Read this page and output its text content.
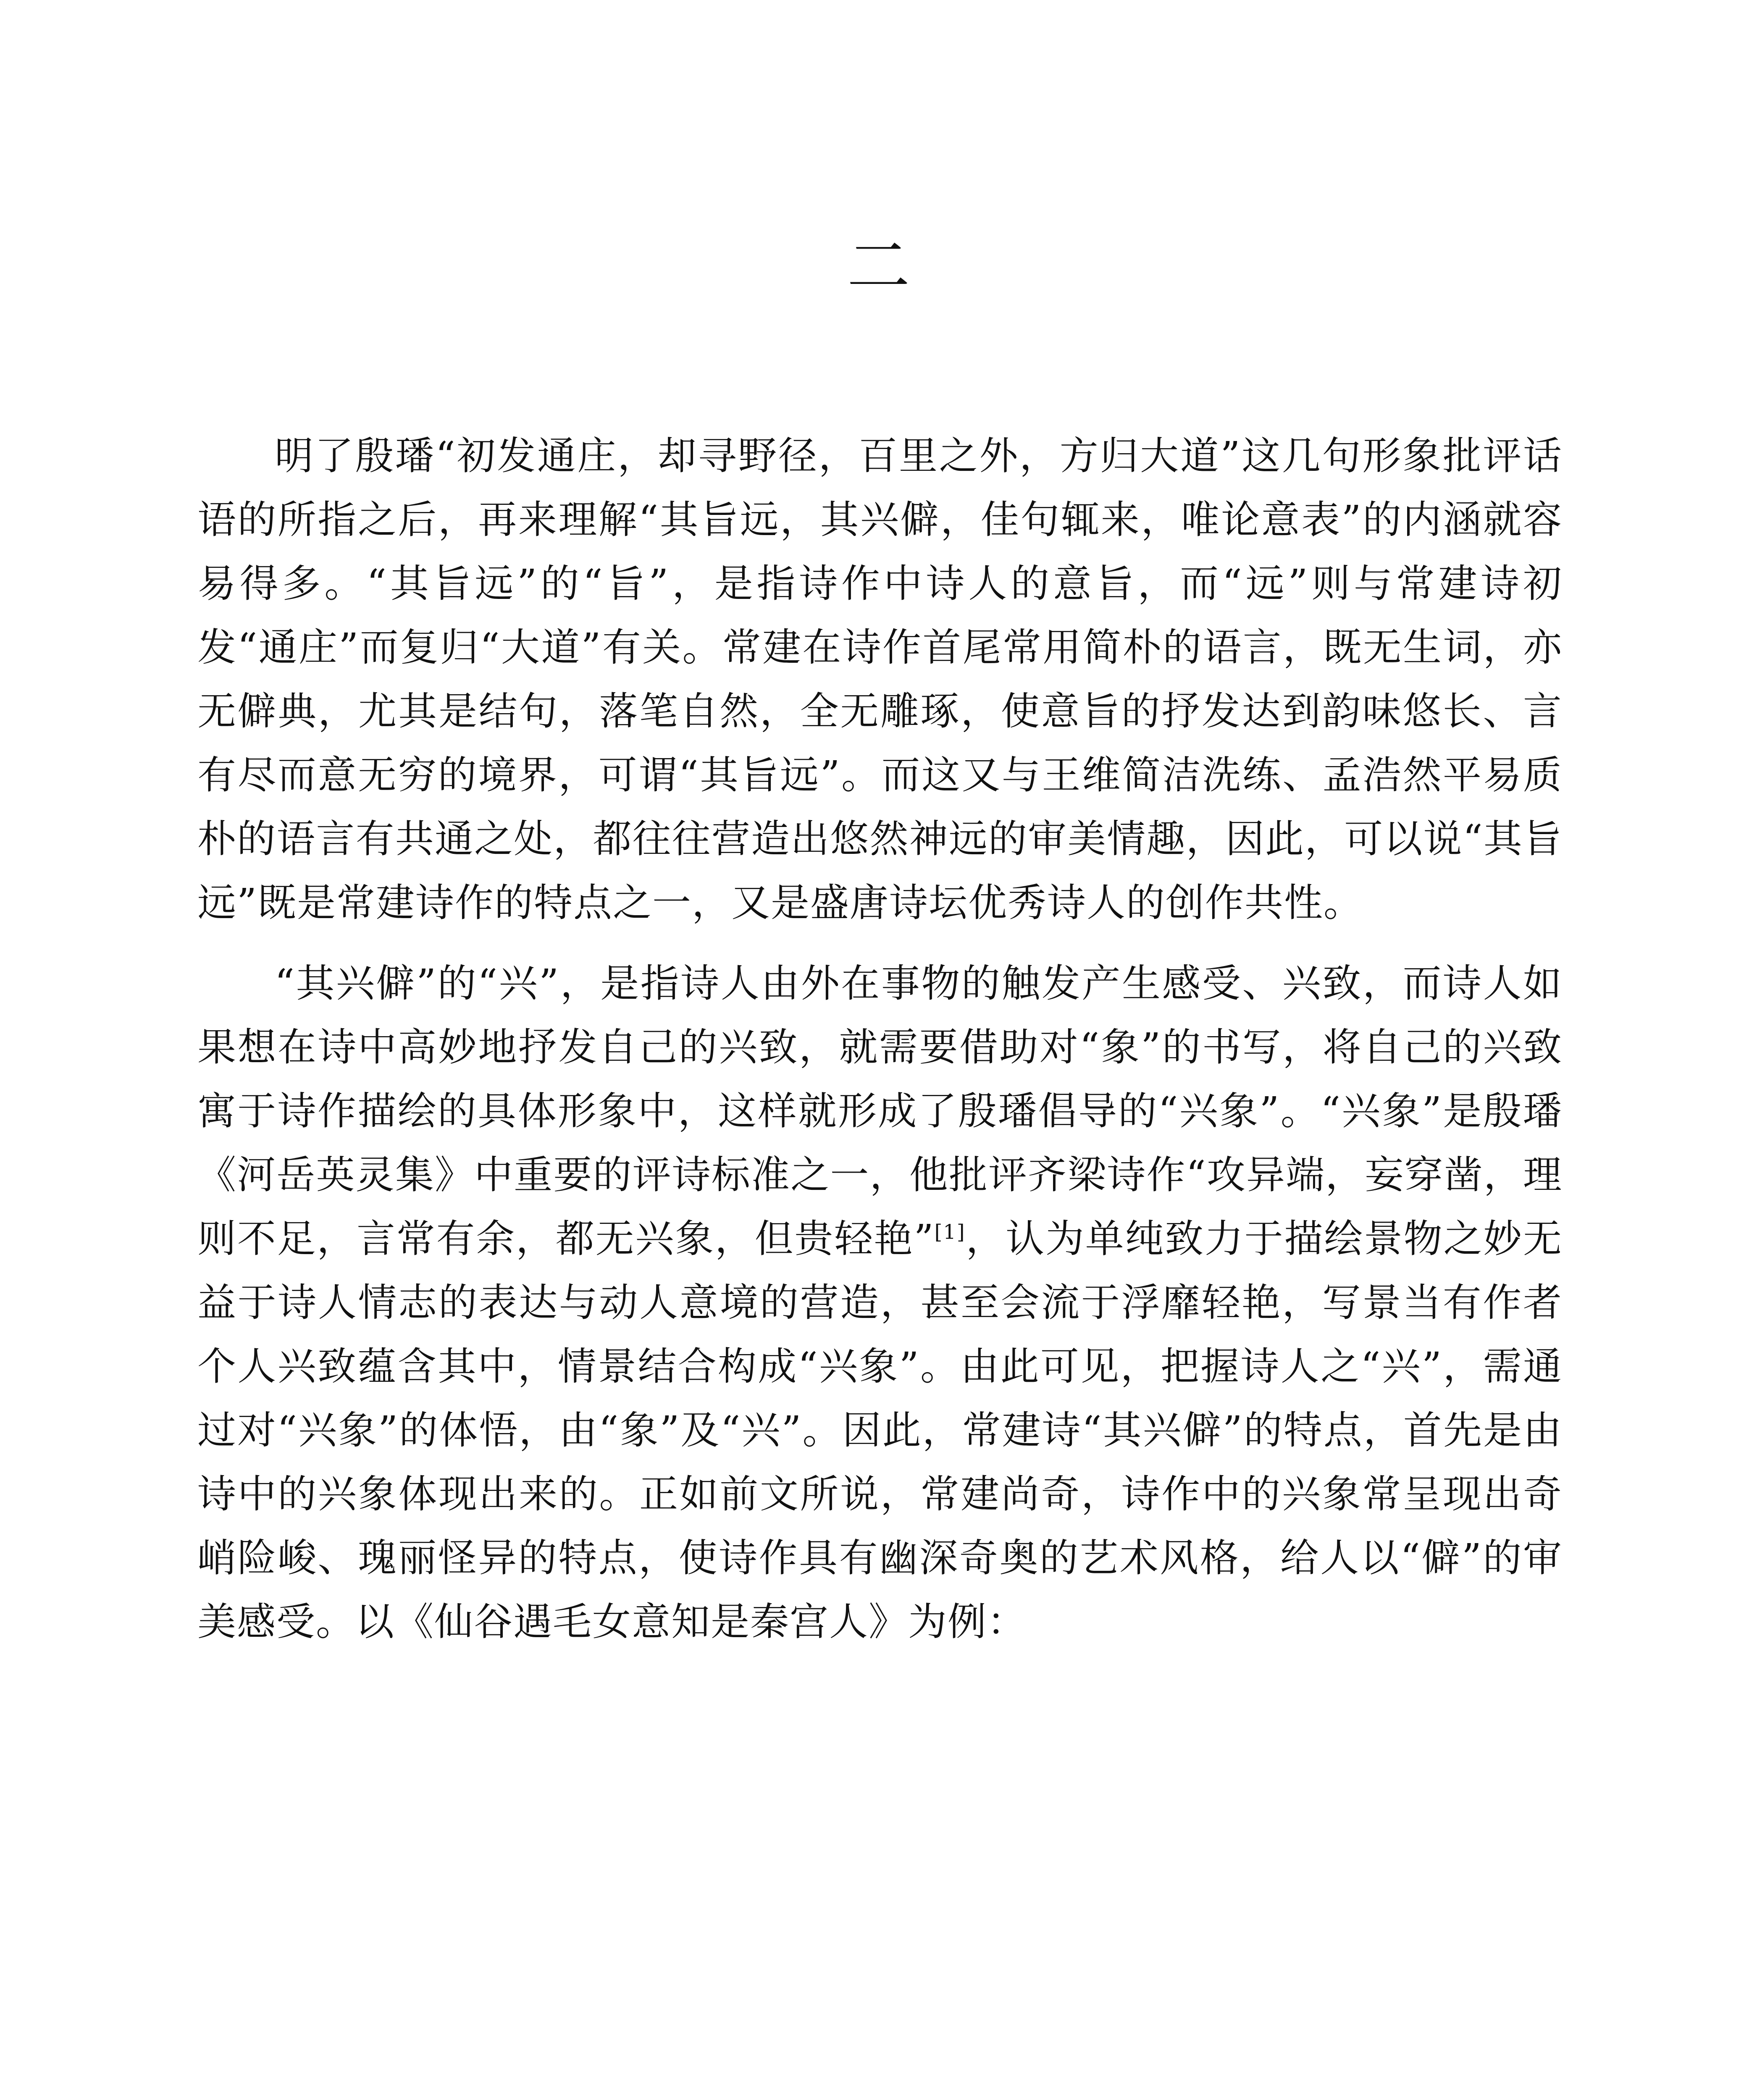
二

明了殷璠“初发通庄，却寻野径，百里之外，方归大道”这几句形象批评话语的所指之后，再来理解“其旨远，其兴僻，佳句辄来，唯论意表”的内涵就容易得多。“其旨远”的“旨”，是指诗作中诗人的意旨，而“远”则与常建诗初发“通庄”而复归“大道”有关。常建在诗作首尾常用简朴的语言，既无生词，亦无僻典，尤其是结句，落笔自然，全无雕琢，使意旨的抒发达到韵味悠长、言有尽而意无穷的境界，可谓“其旨远”。而这又与王维简洁洗练、孟浩然平易质朴的语言有共通之处，都往往营造出悠然神远的审美情趣，因此，可以说“其旨远”既是常建诗作的特点之一，又是盛唐诗坛优秀诗人的创作共性。

“其兴僻”的“兴”，是指诗人由外在事物的触发产生感受、兴致，而诗人如果想在诗中高妙地抒发自己的兴致，就需要借助对“象”的书写，将自己的兴致寓于诗作描绘的具体形象中，这样就形成了殷璠倡导的“兴象”。“兴象”是殷璠《河岳英灵集》中重要的评诗标准之一，他批评齐梁诗作“攻异端，妄穿凿，理则不足，言常有余，都无兴象，但贵轻艳”[1]，认为单纯致力于描绘景物之妙无益于诗人情志的表达与动人意境的营造，甚至会流于浮靡轻艳，写景当有作者个人兴致蕴含其中，情景结合构成“兴象”。由此可见，把握诗人之“兴”，需通过对“兴象”的体悟，由“象”及“兴”。因此，常建诗“其兴僻”的特点，首先是由诗中的兴象体现出来的。正如前文所说，常建尚奇，诗作中的兴象常呈现出奇峭险峻、瑰丽怪异的特点，使诗作具有幽深奇奥的艺术风格，给人以“僻”的审美感受。以《仙谷遇毛女意知是秦宫人》为例：
